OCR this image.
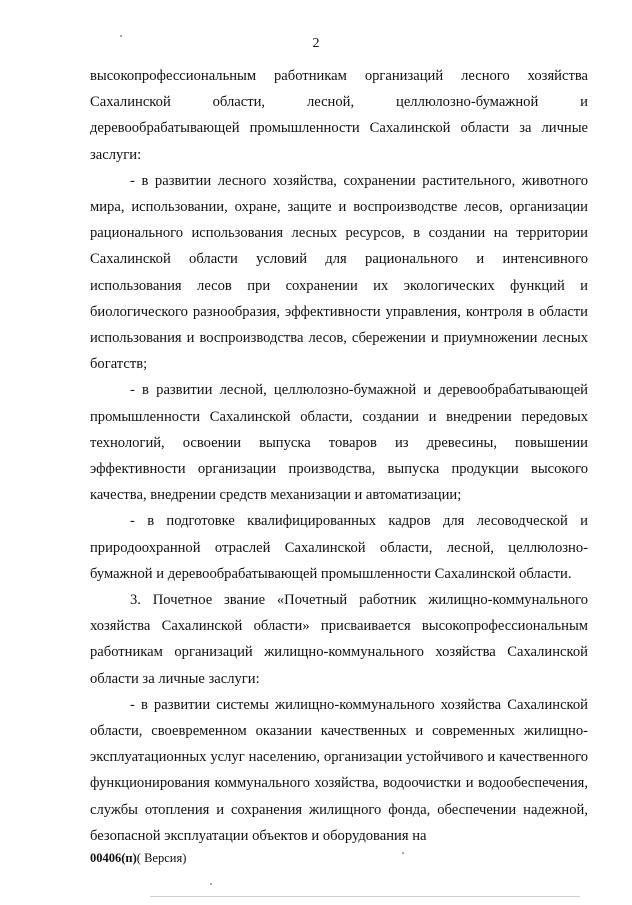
2

высокопрофессиональным работникам организаций лесного хозяйства Сахалинской области, лесной, целлюлозно-бумажной и деревообрабатывающей промышленности Сахалинской области за личные заслуги:

- в развитии лесного хозяйства, сохранении растительного, животного мира, использовании, охране, защите и воспроизводстве лесов, организации рационального использования лесных ресурсов, в создании на территории Сахалинской области условий для рационального и интенсивного использования лесов при сохранении их экологических функций и биологического разнообразия, эффективности управления, контроля в области использования и воспроизводства лесов, сбережении и приумножении лесных богатств;

- в развитии лесной, целлюлозно-бумажной и деревообрабатывающей промышленности Сахалинской области, создании и внедрении передовых технологий, освоении выпуска товаров из древесины, повышении эффективности организации производства, выпуска продукции высокого качества, внедрении средств механизации и автоматизации;

- в подготовке квалифицированных кадров для лесоводческой и природоохранной отраслей Сахалинской области, лесной, целлюлозно-бумажной и деревообрабатывающей промышленности Сахалинской области.

3. Почетное звание «Почетный работник жилищно-коммунального хозяйства Сахалинской области» присваивается высокопрофессиональным работникам организаций жилищно-коммунального хозяйства Сахалинской области за личные заслуги:

- в развитии системы жилищно-коммунального хозяйства Сахалинской области, своевременном оказании качественных и современных жилищно-эксплуатационных услуг населению, организации устойчивого и качественного функционирования коммунального хозяйства, водоочистки и водообеспечения, службы отопления и сохранения жилищного фонда, обеспечении надежной, безопасной эксплуатации объектов и оборудования на

00406(п)( Версия)
